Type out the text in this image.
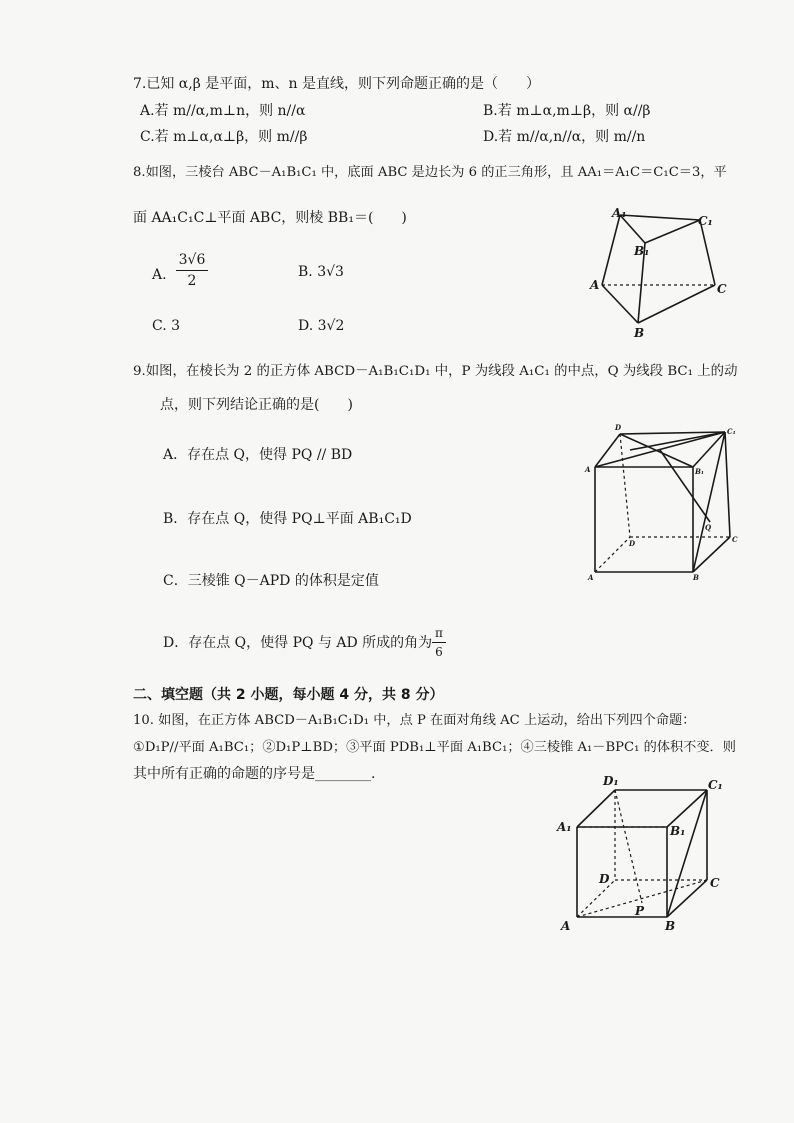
7.已知 α,β 是平面，m、n 是直线，则下列命题正确的是（　　）
A.若 m//α,m⊥n，则 n//α	B.若 m⊥α,m⊥β，则 α//β
C.若 m⊥α,α⊥β，则 m//β	D.若 m//α,n//α，则 m//n
8.如图，三棱台 ABC－A₁B₁C₁ 中，底面 ABC 是边长为 6 的正三角形，且 AA₁＝A₁C＝C₁C＝3，平
面 AA₁C₁C⊥平面 ABC，则棱 BB₁＝(　　)
A.
3√6
2
B. 3√3
C. 3	D. 3√2
A₁
C₁
B₁
A	C
B
9.如图，在棱长为 2 的正方体 ABCD－A₁B₁C₁D₁ 中，P 为线段 A₁C₁ 的中点，Q 为线段 BC₁ 上的动
点，则下列结论正确的是(　　)
A．存在点 Q，使得 PQ // BD
B．存在点 Q，使得 PQ⊥平面 AB₁C₁D
C．三棱锥 Q－APD 的体积是定值
D．存在点 Q，使得 PQ 与 AD 所成的角为
π
6
D	C₁
A	B₁
D	C
Q
A	B
二、填空题（共 2 小题，每小题 4 分，共 8 分）
10. 如图，在正方体 ABCD－A₁B₁C₁D₁ 中，点 P 在面对角线 AC 上运动，给出下列四个命题：
①D₁P//平面 A₁BC₁；②D₁P⊥BD；③平面 PDB₁⊥平面 A₁BC₁；④三棱锥 A₁－BPC₁ 的体积不变．则
其中所有正确的命题的序号是________.	D₁	C₁
A₁	B₁
D	C
P
A	B
